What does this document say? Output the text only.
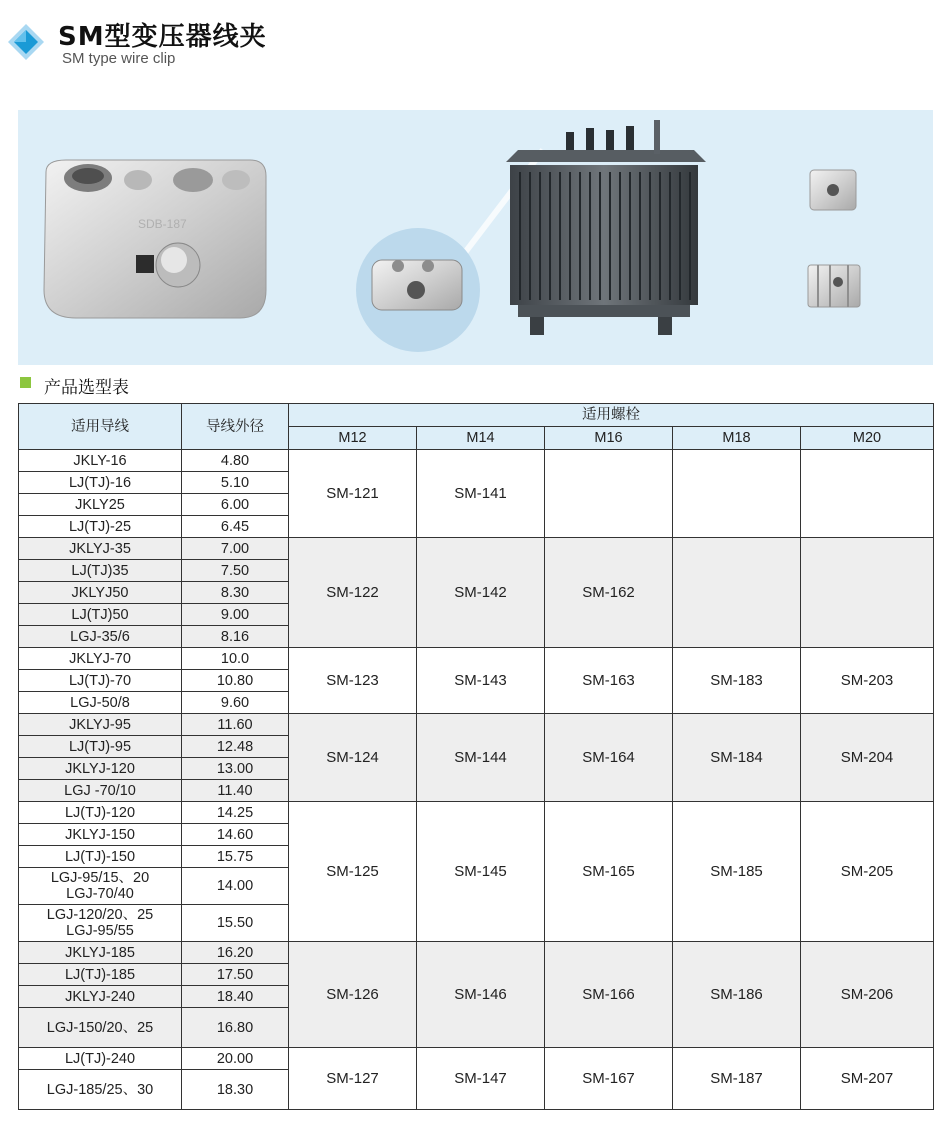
SM型变压器线夹
SM type wire clip
SDB-187
产品选型表
适用导线	导线外径	适用螺栓				
		M12	M14	M16	M18	M20
JKLY-16	4.80	SM-121	SM-141			
LJ(TJ)-16	5.10					
JKLY25	6.00					
LJ(TJ)-25	6.45					
JKLYJ-35	7.00	SM-122	SM-142	SM-162		
LJ(TJ)35	7.50					
JKLYJ50	8.30					
LJ(TJ)50	9.00					
LGJ-35/6	8.16					
JKLYJ-70	10.0	SM-123	SM-143	SM-163	SM-183	SM-203
LJ(TJ)-70	10.80					
LGJ-50/8	9.60					
JKLYJ-95	11.60	SM-124	SM-144	SM-164	SM-184	SM-204
LJ(TJ)-95	12.48					
JKLYJ-120	13.00					
LGJ -70/10	11.40					
LJ(TJ)-120	14.25	SM-125	SM-145	SM-165	SM-185	SM-205
JKLYJ-150	14.60					
LJ(TJ)-150	15.75					
LGJ-95/15、20
LGJ-70/40	14.00					
LGJ-120/20、25
LGJ-95/55	15.50					
JKLYJ-185	16.20	SM-126	SM-146	SM-166	SM-186	SM-206
LJ(TJ)-185	17.50					
JKLYJ-240	18.40					
LGJ-150/20、25	16.80					
LJ(TJ)-240	20.00	SM-127	SM-147	SM-167	SM-187	SM-207
LGJ-185/25、30	18.30					
